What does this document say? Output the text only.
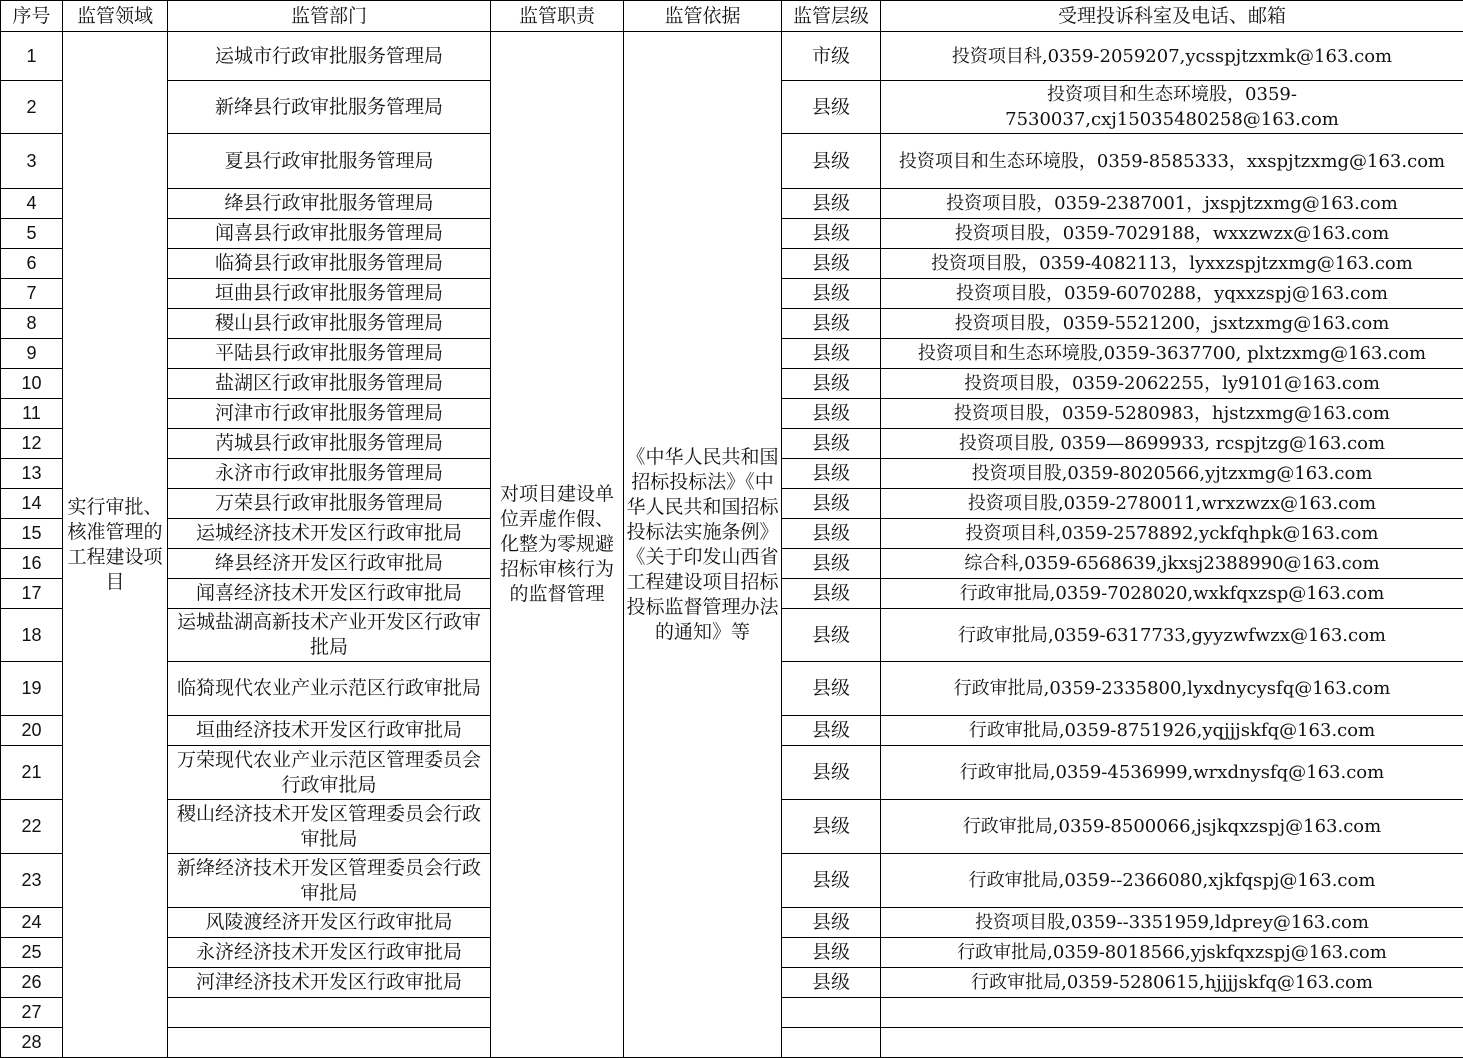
序号	监管领域	监管部门	监管职责	监管依据	监管层级	受理投诉科室及电话、邮箱
1	实行审批、核准管理的工程建设项目	运城市行政审批服务管理局	对项目建设单位弄虚作假、化整为零规避招标审核行为的监督管理	《中华人民共和国招标投标法》《中华人民共和国招标投标法实施条例》《关于印发山西省工程建设项目招标投标监督管理办法的通知》等	市级	投资项目科,0359-2059207,ycsspjtzxmk@163.com
2		新绛县行政审批服务管理局			县级	投资项目和生态环境股，0359-7530037,cxj15035480258@163.com
3		夏县行政审批服务管理局			县级	投资项目和生态环境股，0359-8585333，xxspjtzxmg@163.com
4		绛县行政审批服务管理局			县级	投资项目股，0359-2387001，jxspjtzxmg@163.com
5		闻喜县行政审批服务管理局			县级	投资项目股，0359-7029188，wxxzwzx@163.com
6		临猗县行政审批服务管理局			县级	投资项目股，0359-4082113，lyxxzspjtzxmg@163.com
7		垣曲县行政审批服务管理局			县级	投资项目股，0359-6070288，yqxxzspj@163.com
8		稷山县行政审批服务管理局			县级	投资项目股，0359-5521200，jsxtzxmg@163.com
9		平陆县行政审批服务管理局			县级	投资项目和生态环境股,0359-3637700, plxtzxmg@163.com
10		盐湖区行政审批服务管理局			县级	投资项目股，0359-2062255，ly9101@163.com
11		河津市行政审批服务管理局			县级	投资项目股，0359-5280983，hjstzxmg@163.com
12		芮城县行政审批服务管理局			县级	投资项目股, 0359—8699933, rcspjtzg@163.com
13		永济市行政审批服务管理局			县级	投资项目股,0359-8020566,yjtzxmg@163.com
14		万荣县行政审批服务管理局			县级	投资项目股,0359-2780011,wrxzwzx@163.com
15		运城经济技术开发区行政审批局			县级	投资项目科,0359-2578892,yckfqhpk@163.com
16		绛县经济开发区行政审批局			县级	综合科,0359-6568639,jkxsj2388990@163.com
17		闻喜经济技术开发区行政审批局			县级	行政审批局,0359-7028020,wxkfqxzsp@163.com
18		运城盐湖高新技术产业开发区行政审批局			县级	行政审批局,0359-6317733,gyyzwfwzx@163.com
19		临猗现代农业产业示范区行政审批局			县级	行政审批局,0359-2335800,lyxdnycysfq@163.com
20		垣曲经济技术开发区行政审批局			县级	行政审批局,0359-8751926,yqjjjskfq@163.com
21		万荣现代农业产业示范区管理委员会行政审批局			县级	行政审批局,0359-4536999,wrxdnysfq@163.com
22		稷山经济技术开发区管理委员会行政审批局			县级	行政审批局,0359-8500066,jsjkqxzspj@163.com
23		新绛经济技术开发区管理委员会行政审批局			县级	行政审批局,0359--2366080,xjkfqspj@163.com
24		风陵渡经济开发区行政审批局			县级	投资项目股,0359--3351959,ldprey@163.com
25		永济经济技术开发区行政审批局			县级	行政审批局,0359-8018566,yjskfqxzspj@163.com
26		河津经济技术开发区行政审批局			县级	行政审批局,0359-5280615,hjjjjskfq@163.com
27						
28						
